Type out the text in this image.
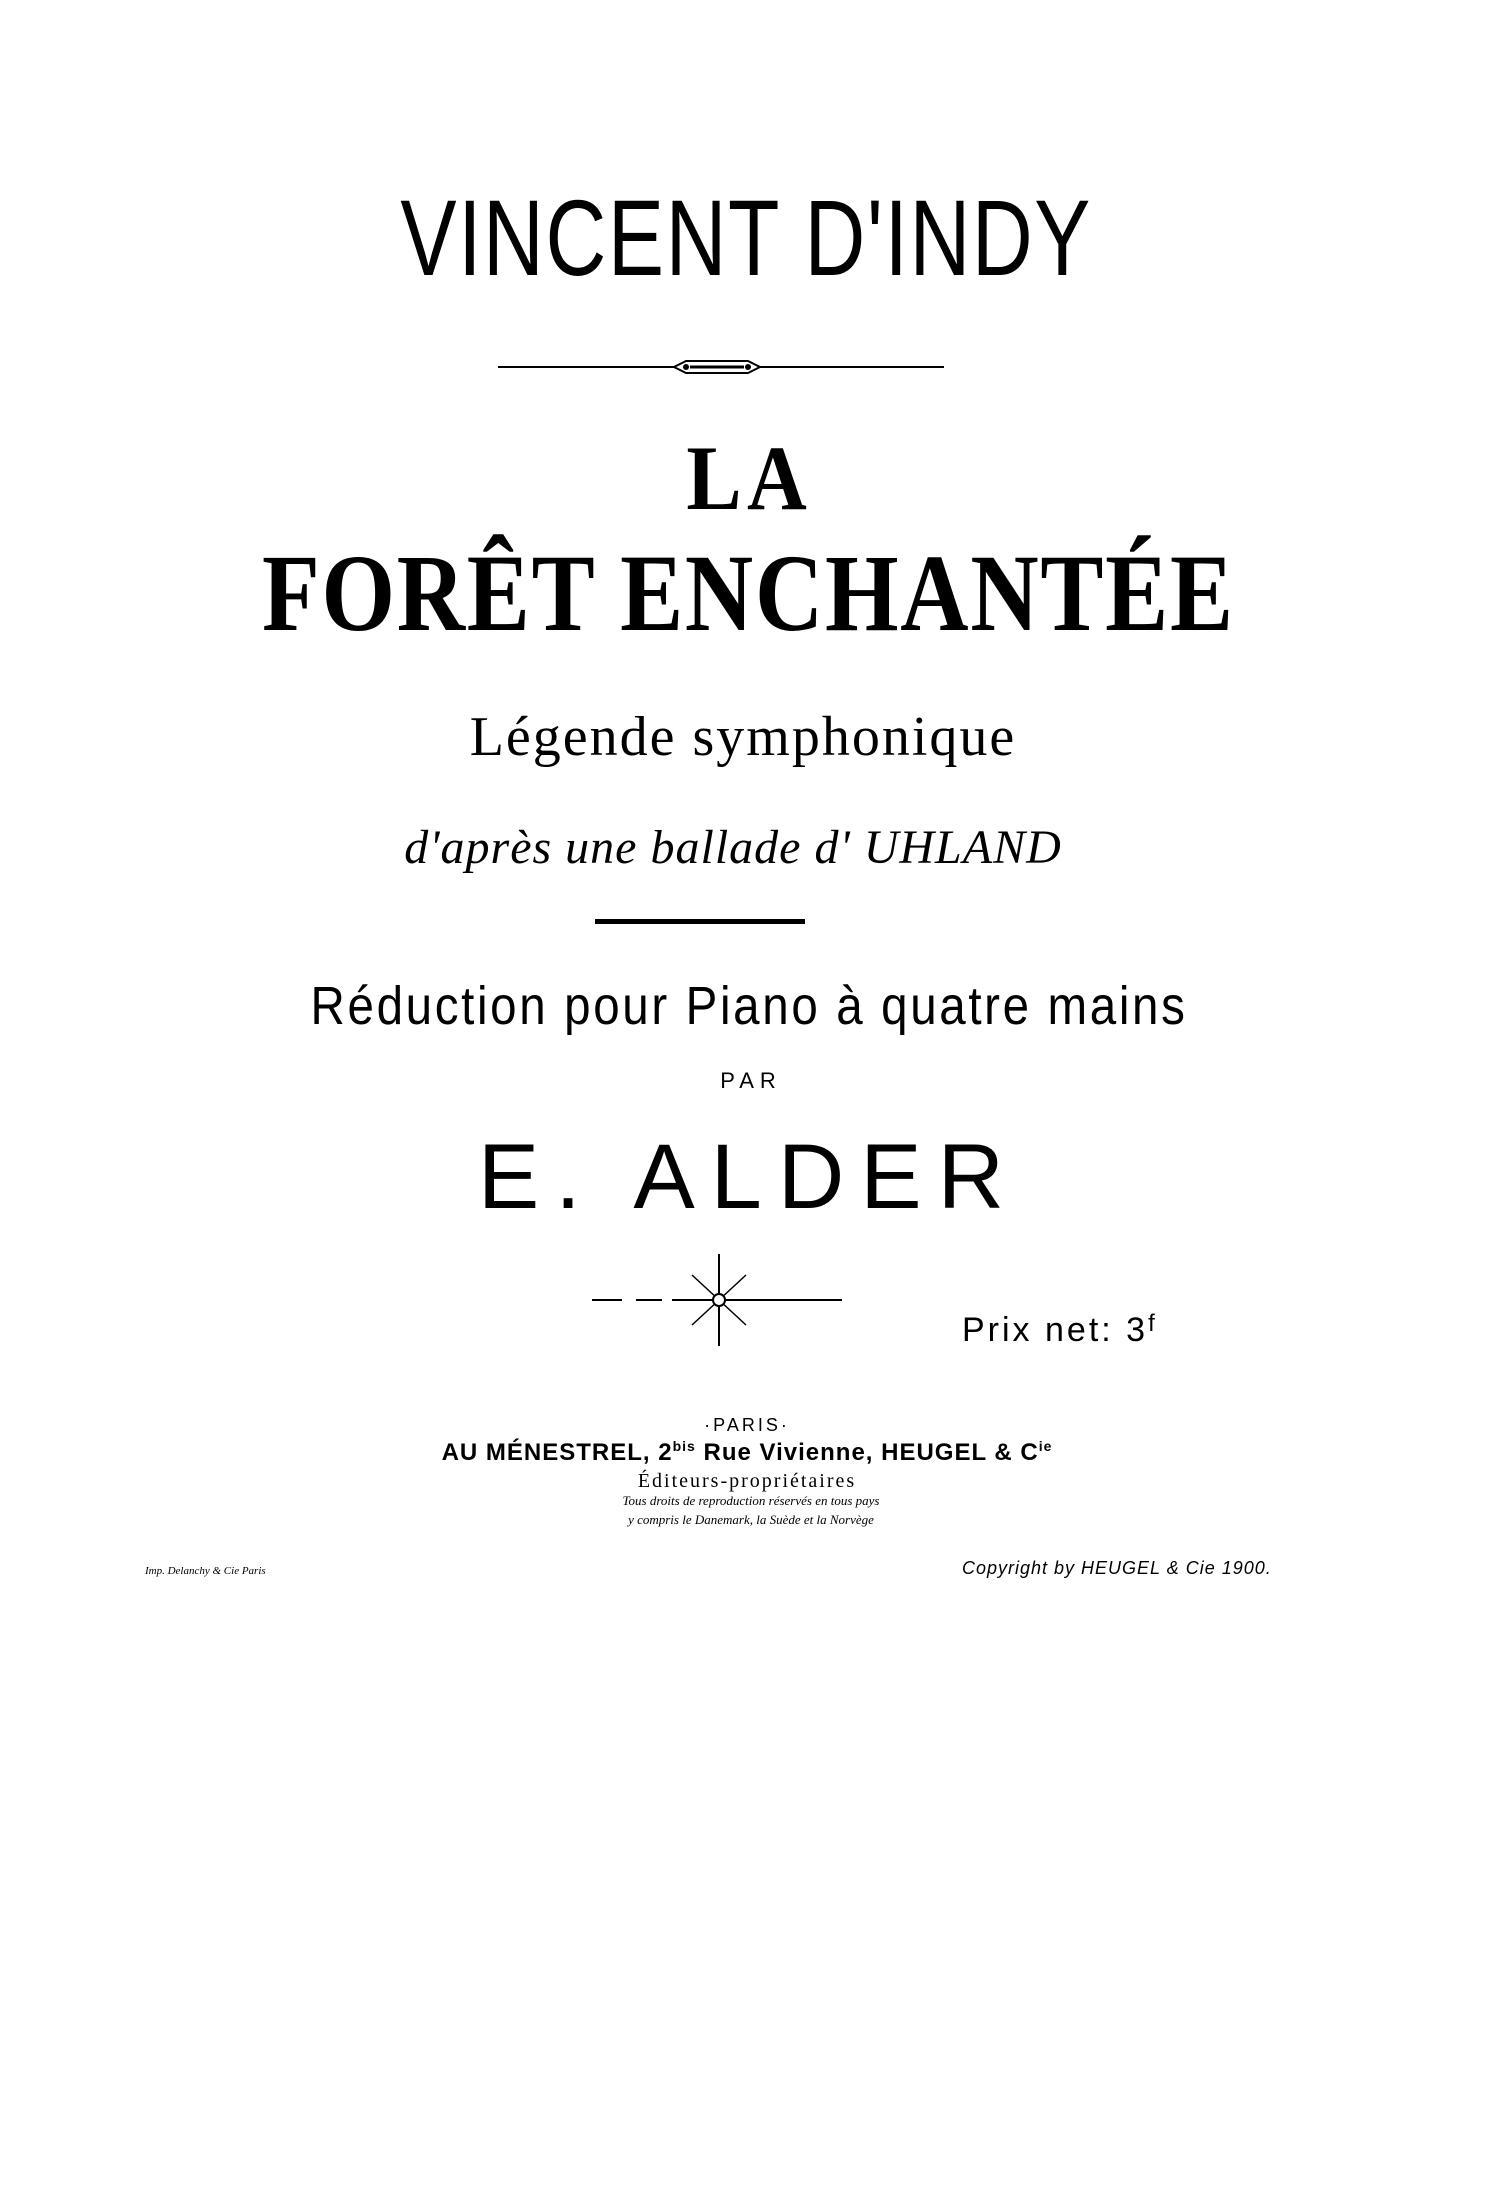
VINCENT D'INDY
LA
FORÊT ENCHANTÉE
Légende symphonique
d'après une ballade d' UHLAND
Réduction pour Piano à quatre mains
PAR
E. ALDER
Prix net: $3^f$
·PARIS·
AU MÉNESTREL, $2^{bis}$ Rue Vivienne, HEUGEL & $C^{ie}$
Éditeurs-propriétaires
Tous droits de reproduction réservés en tous pays
y compris le Danemark, la Suède et la Norvège
Imp. Delanchy & Cie Paris	Copyright by HEUGEL & Cie 1900.
